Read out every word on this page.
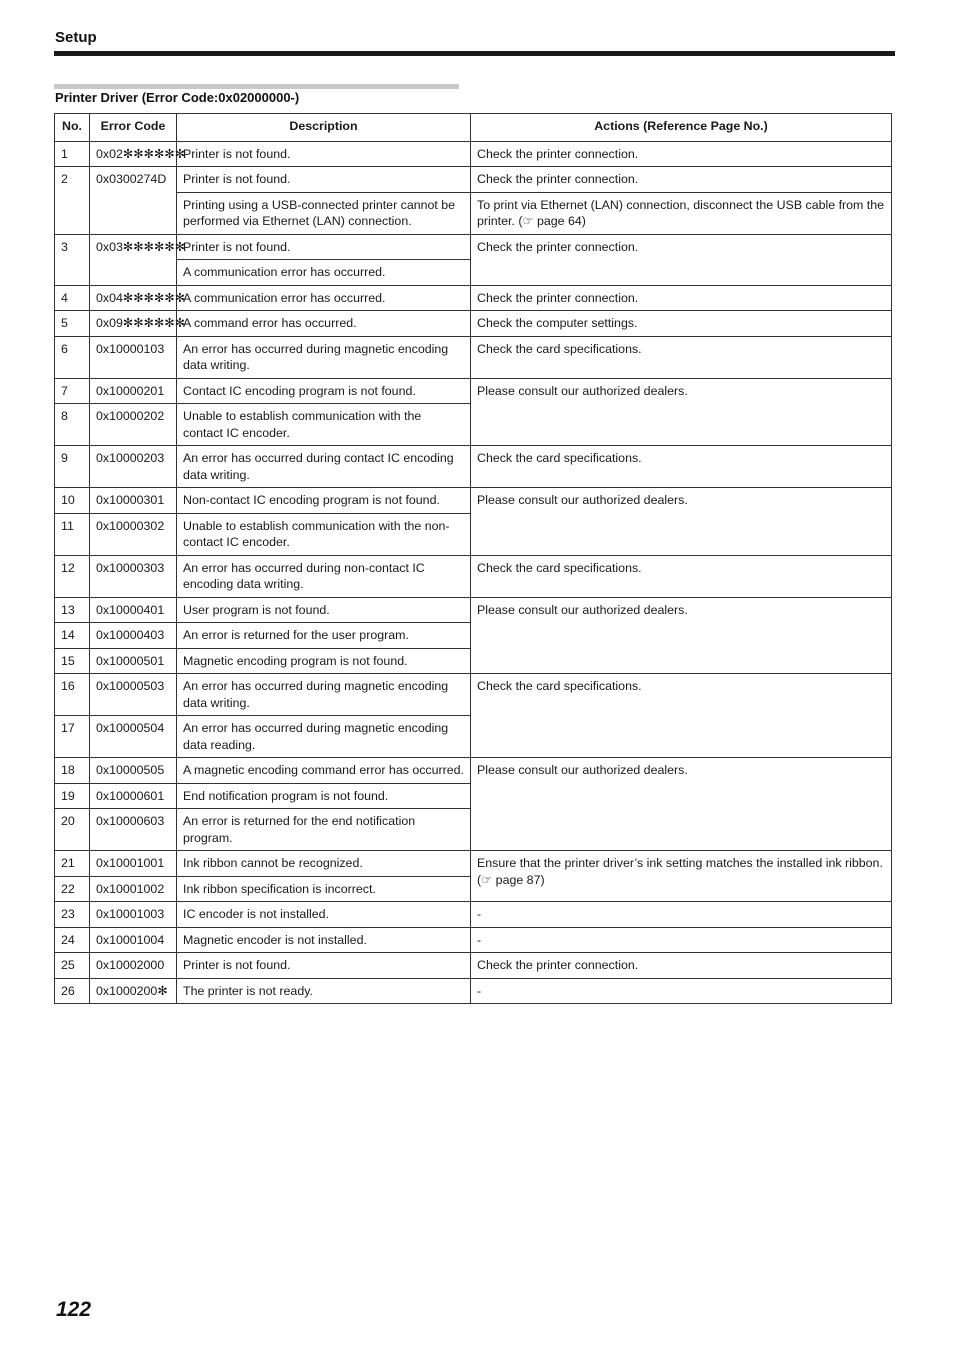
Setup
Printer Driver (Error Code:0x02000000-)
No.	Error Code	Description	Actions (Reference Page No.)
1	0x02✻✻✻✻✻✻	Printer is not found.	Check the printer connection.
2	0x0300274D	Printer is not found.	Check the printer connection.
		Printing using a USB-connected printer cannot be performed via Ethernet (LAN) connection.	To print via Ethernet (LAN) connection, disconnect the USB cable from the printer. (☞ page 64)
3	0x03✻✻✻✻✻✻	Printer is not found.	Check the printer connection.
		A communication error has occurred.	
4	0x04✻✻✻✻✻✻	A communication error has occurred.	Check the printer connection.
5	0x09✻✻✻✻✻✻	A command error has occurred.	Check the computer settings.
6	0x10000103	An error has occurred during magnetic encoding data writing.	Check the card specifications.
7	0x10000201	Contact IC encoding program is not found.	Please consult our authorized dealers.
8	0x10000202	Unable to establish communication with the contact IC encoder.	
9	0x10000203	An error has occurred during contact IC encoding data writing.	Check the card specifications.
10	0x10000301	Non-contact IC encoding program is not found.	Please consult our authorized dealers.
11	0x10000302	Unable to establish communication with the non-contact IC encoder.	
12	0x10000303	An error has occurred during non-contact IC encoding data writing.	Check the card specifications.
13	0x10000401	User program is not found.	Please consult our authorized dealers.
14	0x10000403	An error is returned for the user program.	
15	0x10000501	Magnetic encoding program is not found.	
16	0x10000503	An error has occurred during magnetic encoding data writing.	Check the card specifications.
17	0x10000504	An error has occurred during magnetic encoding data reading.	
18	0x10000505	A magnetic encoding command error has occurred.	Please consult our authorized dealers.
19	0x10000601	End notification program is not found.	
20	0x10000603	An error is returned for the end notification program.	
21	0x10001001	Ink ribbon cannot be recognized.	Ensure that the printer driver’s ink setting matches the installed ink ribbon. (☞ page 87)
22	0x10001002	Ink ribbon specification is incorrect.	
23	0x10001003	IC encoder is not installed.	-
24	0x10001004	Magnetic encoder is not installed.	-
25	0x10002000	Printer is not found.	Check the printer connection.
26	0x1000200✻	The printer is not ready.	-
122
